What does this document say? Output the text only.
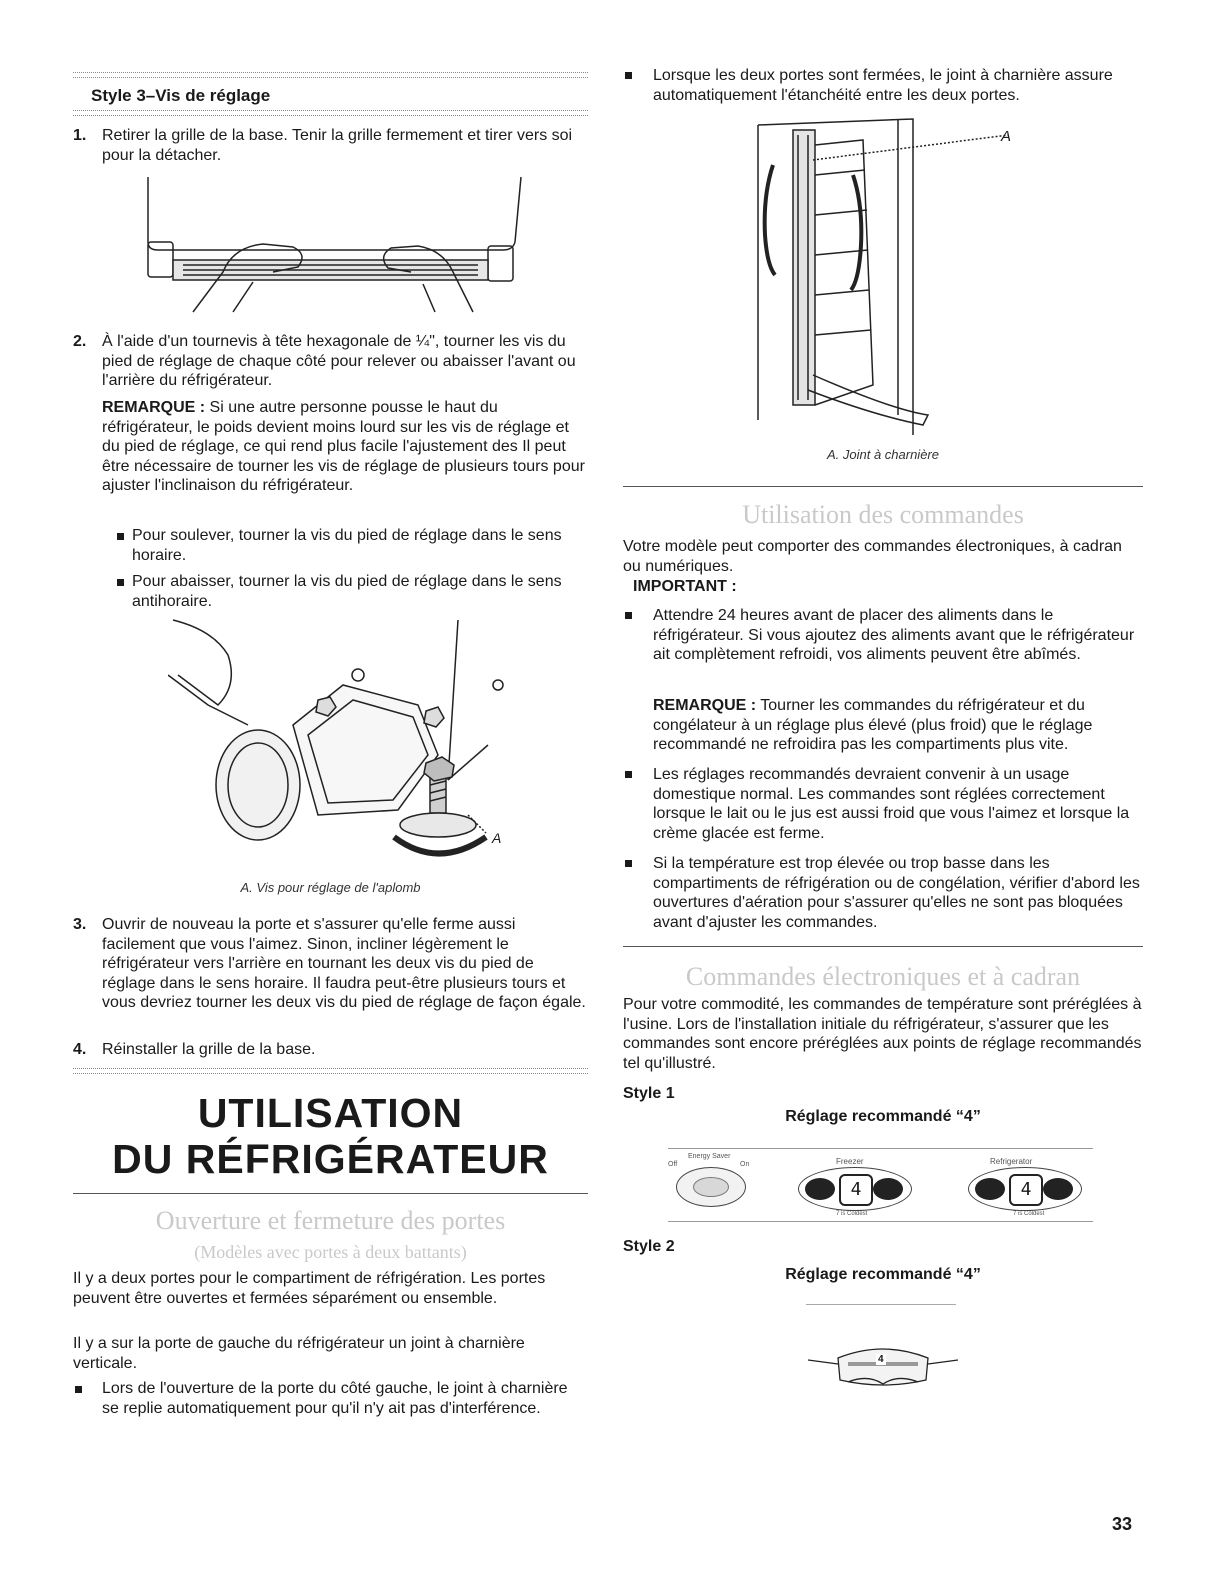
Style 3–Vis de réglage
1. Retirer la grille de la base. Tenir la grille fermement et tirer vers soi pour la détacher.

2. À l'aide d'un tournevis à tête hexagonale de ¼", tourner les vis du pied de réglage de chaque côté pour relever ou abaisser l'avant ou l'arrière du réfrigérateur.

REMARQUE : Si une autre personne pousse le haut du réfrigérateur, le poids devient moins lourd sur les vis de réglage et du pied de réglage, ce qui rend plus facile l'ajustement des Il peut être nécessaire de tourner les vis de réglage de plusieurs tours pour ajuster l'inclinaison du réfrigérateur.

Pour soulever, tourner la vis du pied de réglage dans le sens horaire.

Pour abaisser, tourner la vis du pied de réglage dans le sens antihoraire.

A
A. Vis pour réglage de l'aplomb
3. Ouvrir de nouveau la porte et s'assurer qu'elle ferme aussi facilement que vous l'aimez. Sinon, incliner légèrement le réfrigérateur vers l'arrière en tournant les deux vis du pied de réglage dans le sens horaire. Il faudra peut-être plusieurs tours et vous devriez tourner les deux vis du pied de réglage de façon égale.

4. Réinstaller la grille de la base.

UTILISATION
DU RÉFRIGÉRATEUR
Ouverture et fermeture des portes
(Modèles avec portes à deux battants)

Il y a deux portes pour le compartiment de réfrigération. Les portes peuvent être ouvertes et fermées séparément ou ensemble.

Il y a sur la porte de gauche du réfrigérateur un joint à charnière verticale.

Lors de l'ouverture de la porte du côté gauche, le joint à charnière se replie automatiquement pour qu'il n'y ait pas d'interférence.

Lorsque les deux portes sont fermées, le joint à charnière assure automatiquement l'étanchéité entre les deux portes.

A
A. Joint à charnière
Utilisation des commandes

Votre modèle peut comporter des commandes électroniques, à cadran ou numériques.

IMPORTANT :

Attendre 24 heures avant de placer des aliments dans le réfrigérateur. Si vous ajoutez des aliments avant que le réfrigérateur ait complètement refroidi, vos aliments peuvent être abîmés.

REMARQUE : Tourner les commandes du réfrigérateur et du congélateur à un réglage plus élevé (plus froid) que le réglage recommandé ne refroidira pas les compartiments plus vite.

Les réglages recommandés devraient convenir à un usage domestique normal. Les commandes sont réglées correctement lorsque le lait ou le jus est aussi froid que vous l'aimez et lorsque la crème glacée est ferme.

Si la température est trop élevée ou trop basse dans les compartiments de réfrigération ou de congélation, vérifier d'abord les ouvertures d'aération pour s'assurer qu'elles ne sont pas bloquées avant d'ajuster les commandes.

Commandes électroniques et à cadran

Pour votre commodité, les commandes de température sont préréglées à l'usine. Lors de l'installation initiale du réfrigérateur, s'assurer que les commandes sont encore préréglées aux points de réglage recommandés tel qu'illustré.

Style 1
Réglage recommandé “4”
Energy Saver
Off	On	Freezer
4
7 is Coldest
Refrigerator
4
7 is Coldest
Style 2
Réglage recommandé “4”
4
33
